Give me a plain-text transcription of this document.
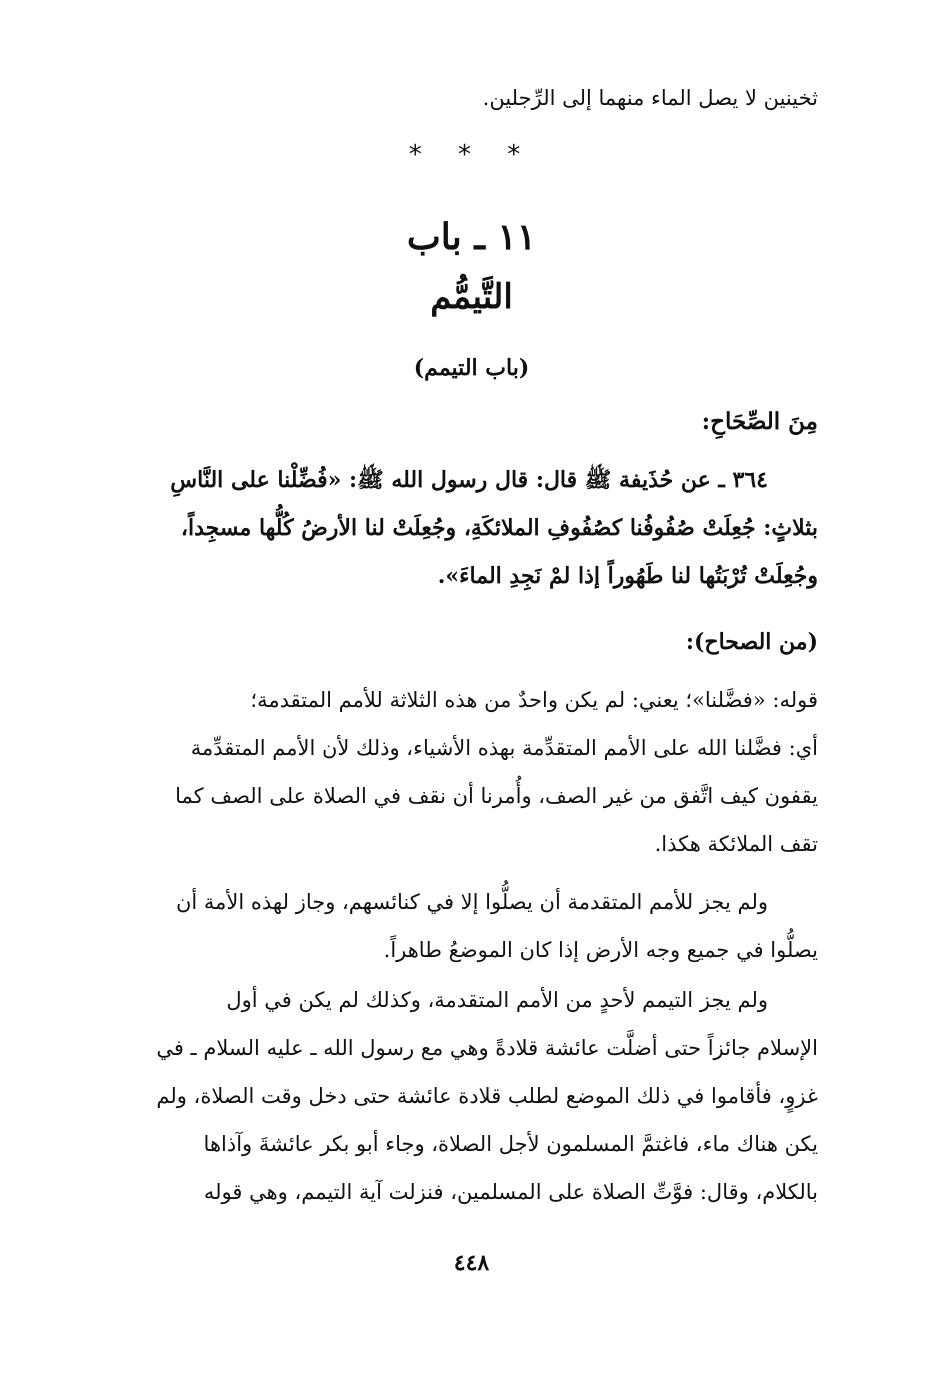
ثخينين لا يصل الماء منهما إلى الرِّجلين.
* * *
١١ ـ باب
التَّيمُّم
(باب التيمم)
مِنَ الصِّحَاحِ:
٣٦٤ ـ عن حُذَيفة ﷺ قال: قال رسول الله ﷺ: «فُضِّلْنا على النَّاسِ
بثلاثٍ: جُعِلَتْ صُفُوفُنا كصُفُوفِ الملائكَةِ، وجُعِلَتْ لنا الأرضُ كُلُّها مسجِداً،
وجُعِلَتْ تُرْبَتُها لنا طَهُوراً إذا لمْ نَجِدِ الماءَ».
(من الصحاح):
قوله: «فضَّلنا»؛ يعني: لم يكن واحدٌ من هذه الثلاثة للأمم المتقدمة؛
أي: فضَّلنا الله على الأمم المتقدِّمة بهذه الأشياء، وذلك لأن الأمم المتقدِّمة
يقفون كيف اتَّفق من غير الصف، وأُمرنا أن نقف في الصلاة على الصف كما
تقف الملائكة هكذا.
ولم يجز للأمم المتقدمة أن يصلُّوا إلا في كنائسهم، وجاز لهذه الأمة أن
يصلُّوا في جميع وجه الأرض إذا كان الموضعُ طاهراً.
ولم يجز التيمم لأحدٍ من الأمم المتقدمة، وكذلك لم يكن في أول
الإسلام جائزاً حتى أضلَّت عائشة قلادةً وهي مع رسول الله ـ عليه السلام ـ في
غزوٍ، فأقاموا في ذلك الموضع لطلب قلادة عائشة حتى دخل وقت الصلاة، ولم
يكن هناك ماء، فاغتمَّ المسلمون لأجل الصلاة، وجاء أبو بكر عائشةَ وآذاها
بالكلام، وقال: فوَّتِّ الصلاة على المسلمين، فنزلت آية التيمم، وهي قوله
٤٤٨
